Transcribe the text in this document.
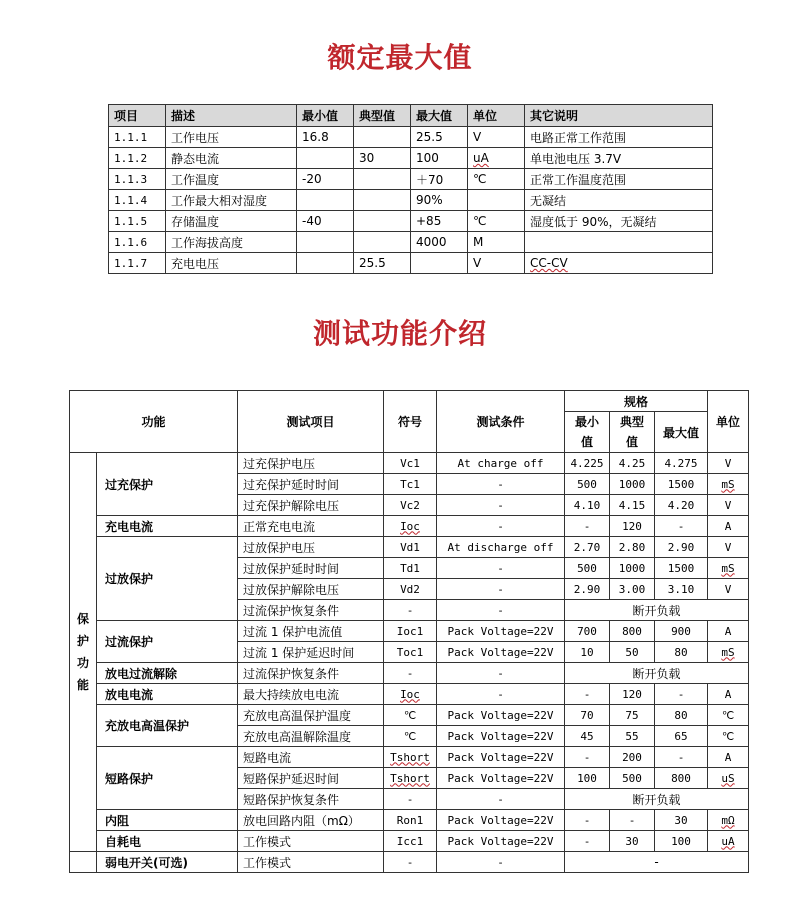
额定最大值
项目	描述	最小值	典型值	最大值	单位	其它说明
1.1.1	工作电压	16.8		25.5	V	电路正常工作范围
1.1.2	静态电流		30	100	uA	单电池电压 3.7V
1.1.3	工作温度	-20		＋70	℃	正常工作温度范围
1.1.4	工作最大相对湿度			90%		无凝结
1.1.5	存储温度	-40		+85	℃	湿度低于 90%，无凝结
1.1.6	工作海拔高度			4000	M	
1.1.7	充电电压		25.5		V	CC-CV
测试功能介绍
功能		测试项目	符号	测试条件	规格			单位
					最小值	典型值	最大值	

保护功能	过充保护	过充保护电压	Vc1	At charge off	4.225	4.25	4.275	V
		过充保护延时时间	Tc1	-	500	1000	1500	mS
		过充保护解除电压	Vc2	-	4.10	4.15	4.20	V
	充电电流	正常充电电流	Ioc	-	-	120	-	A
	过放保护	过放保护电压	Vd1	At discharge off	2.70	2.80	2.90	V
		过放保护延时时间	Td1	-	500	1000	1500	mS
		过放保护解除电压	Vd2	-	2.90	3.00	3.10	V
		过流保护恢复条件	-	-	断开负载			
	过流保护	过流 1 保护电流值	Ioc1	Pack Voltage=22V	700	800	900	A
		过流 1 保护延迟时间	Toc1	Pack Voltage=22V	10	50	80	mS
	放电过流解除	过流保护恢复条件	-	-	断开负载			
	放电电流	最大持续放电电流	Ioc	-	-	120	-	A
	充放电高温保护	充放电高温保护温度	℃	Pack Voltage=22V	70	75	80	℃
		充放电高温解除温度	℃	Pack Voltage=22V	45	55	65	℃
	短路保护	短路电流	Tshort	Pack Voltage=22V	-	200	-	A
		短路保护延迟时间	Tshort	Pack Voltage=22V	100	500	800	uS
		短路保护恢复条件	-	-	断开负载			
	内阻	放电回路内阻（mΩ）	Ron1	Pack Voltage=22V	-	-	30	mΩ
	自耗电	工作模式	Icc1	Pack Voltage=22V	-	30	100	uA
	弱电开关(可选)	工作模式	-	-	-			
